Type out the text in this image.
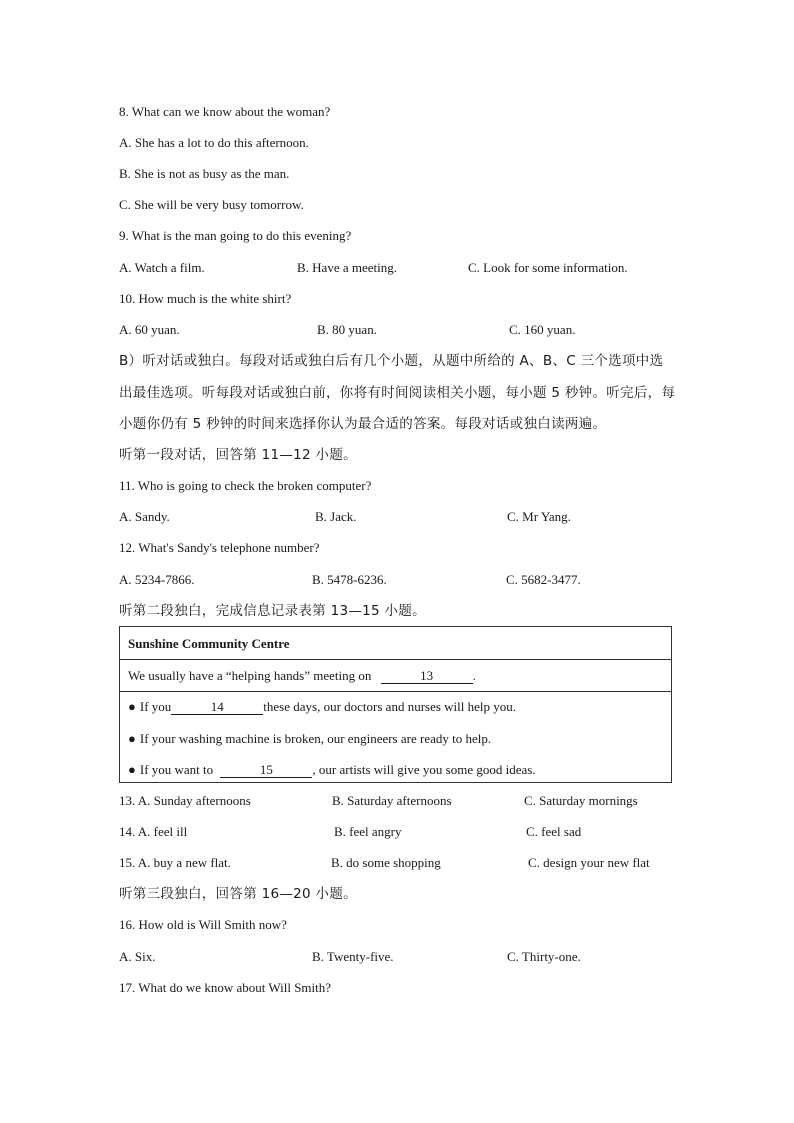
8. What can we know about the woman?
A. She has a lot to do this afternoon.
B. She is not as busy as the man.
C. She will be very busy tomorrow.
9. What is the man going to do this evening?
A. Watch a film.	B. Have a meeting.	C. Look for some information.
10. How much is the white shirt?
A. 60 yuan.	B. 80 yuan.	C. 160 yuan.
B）听对话或独白。每段对话或独白后有几个小题，从题中所给的 A、B、C 三个选项中选
出最佳选项。听每段对话或独白前，你将有时间阅读相关小题，每小题 5 秒钟。听完后，每
小题你仍有 5 秒钟的时间来选择你认为最合适的答案。每段对话或独白读两遍。
听第一段对话，回答第 11—12 小题。
11. Who is going to check the broken computer?
A. Sandy.	B. Jack.	C. Mr Yang.
12. What's Sandy's telephone number?
A. 5234-7866.	B. 5478-6236.	C. 5682-3477.
听第二段独白，完成信息记录表第 13—15 小题。
Sunshine Community Centre
We usually have a “helping hands” meeting on	13	.
● If you	14	these days, our doctors and nurses will help you.
● If your washing machine is broken, our engineers are ready to help.
● If you want to	15	, our artists will give you some good ideas.
13. A. Sunday afternoons	B. Saturday afternoons	C. Saturday mornings
14. A. feel ill	B. feel angry	C. feel sad
15. A. buy a new flat.	B. do some shopping	C. design your new flat
听第三段独白，回答第 16—20 小题。
16. How old is Will Smith now?
A. Six.	B. Twenty-five.	C. Thirty-one.
17. What do we know about Will Smith?
